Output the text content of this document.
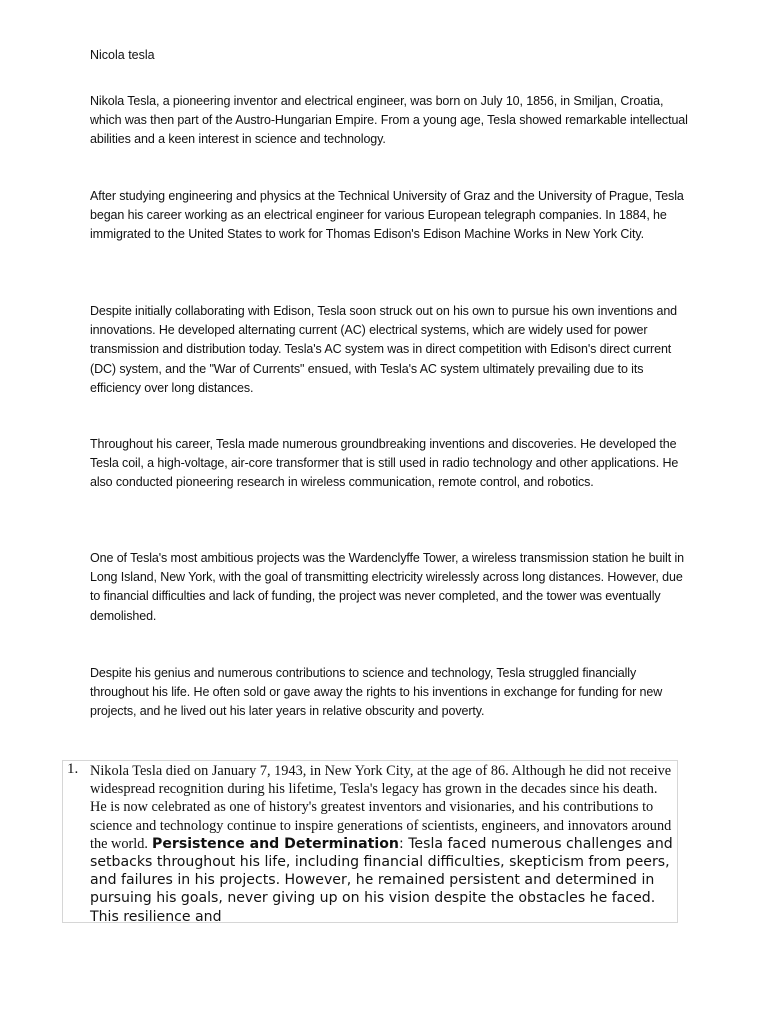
Nicola tesla

Nikola Tesla, a pioneering inventor and electrical engineer, was born on July 10, 1856, in Smiljan, Croatia, which was then part of the Austro-Hungarian Empire. From a young age, Tesla showed remarkable intellectual abilities and a keen interest in science and technology.

After studying engineering and physics at the Technical University of Graz and the University of Prague, Tesla began his career working as an electrical engineer for various European telegraph companies. In 1884, he immigrated to the United States to work for Thomas Edison's Edison Machine Works in New York City.

Despite initially collaborating with Edison, Tesla soon struck out on his own to pursue his own inventions and innovations. He developed alternating current (AC) electrical systems, which are widely used for power transmission and distribution today. Tesla's AC system was in direct competition with Edison's direct current (DC) system, and the "War of Currents" ensued, with Tesla's AC system ultimately prevailing due to its efficiency over long distances.

Throughout his career, Tesla made numerous groundbreaking inventions and discoveries. He developed the Tesla coil, a high-voltage, air-core transformer that is still used in radio technology and other applications. He also conducted pioneering research in wireless communication, remote control, and robotics.

One of Tesla's most ambitious projects was the Wardenclyffe Tower, a wireless transmission station he built in Long Island, New York, with the goal of transmitting electricity wirelessly across long distances. However, due to financial difficulties and lack of funding, the project was never completed, and the tower was eventually demolished.

Despite his genius and numerous contributions to science and technology, Tesla struggled financially throughout his life. He often sold or gave away the rights to his inventions in exchange for funding for new projects, and he lived out his later years in relative obscurity and poverty.

1. Nikola Tesla died on January 7, 1943, in New York City, at the age of 86. Although he did not receive widespread recognition during his lifetime, Tesla's legacy has grown in the decades since his death. He is now celebrated as one of history's greatest inventors and visionaries, and his contributions to science and technology continue to inspire generations of scientists, engineers, and innovators around the world. Persistence and Determination: Tesla faced numerous challenges and setbacks throughout his life, including financial difficulties, skepticism from peers, and failures in his projects. However, he remained persistent and determined in pursuing his goals, never giving up on his vision despite the obstacles he faced. This resilience and
